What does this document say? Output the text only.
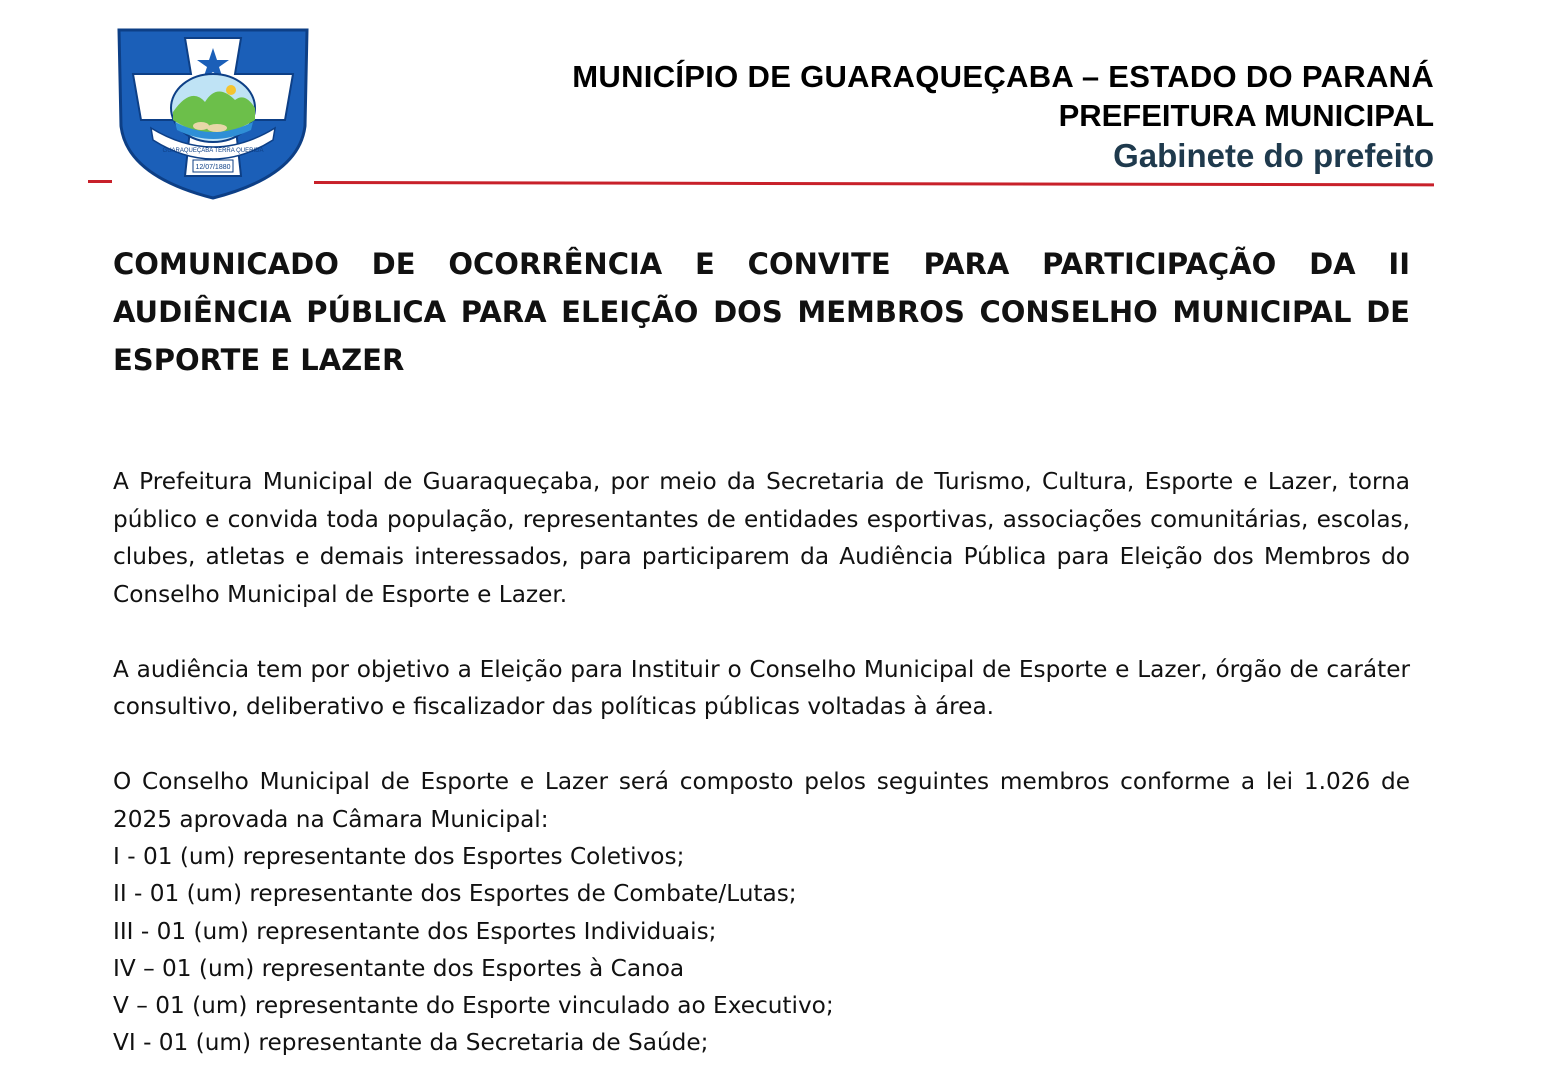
GUARAQUEÇABA TERRA QUERIDA
12/07/1880
MUNICÍPIO DE GUARAQUEÇABA – ESTADO DO PARANÁ
PREFEITURA MUNICIPAL
Gabinete do prefeito
COMUNICADO DE OCORRÊNCIA E CONVITE PARA PARTICIPAÇÃO DA II AUDIÊNCIA PÚBLICA PARA ELEIÇÃO DOS MEMBROS CONSELHO MUNICIPAL DE ESPORTE E LAZER

A Prefeitura Municipal de Guaraqueçaba, por meio da Secretaria de Turismo, Cultura, Esporte e Lazer, torna público e convida toda população, representantes de entidades esportivas, associações comunitárias, escolas, clubes, atletas e demais interessados, para participarem da Audiência Pública para Eleição dos Membros do Conselho Municipal de Esporte e Lazer.

A audiência tem por objetivo a Eleição para Instituir o Conselho Municipal de Esporte e Lazer, órgão de caráter consultivo, deliberativo e fiscalizador das políticas públicas voltadas à área.

O Conselho Municipal de Esporte e Lazer será composto pelos seguintes membros conforme a lei 1.026 de 2025 aprovada na Câmara Municipal:

I - 01 (um) representante dos Esportes Coletivos;
II - 01 (um) representante dos Esportes de Combate/Lutas;
III - 01 (um) representante dos Esportes Individuais;
IV – 01 (um) representante dos Esportes à Canoa
V – 01 (um) representante do Esporte vinculado ao Executivo;
VI - 01 (um) representante da Secretaria de Saúde;
